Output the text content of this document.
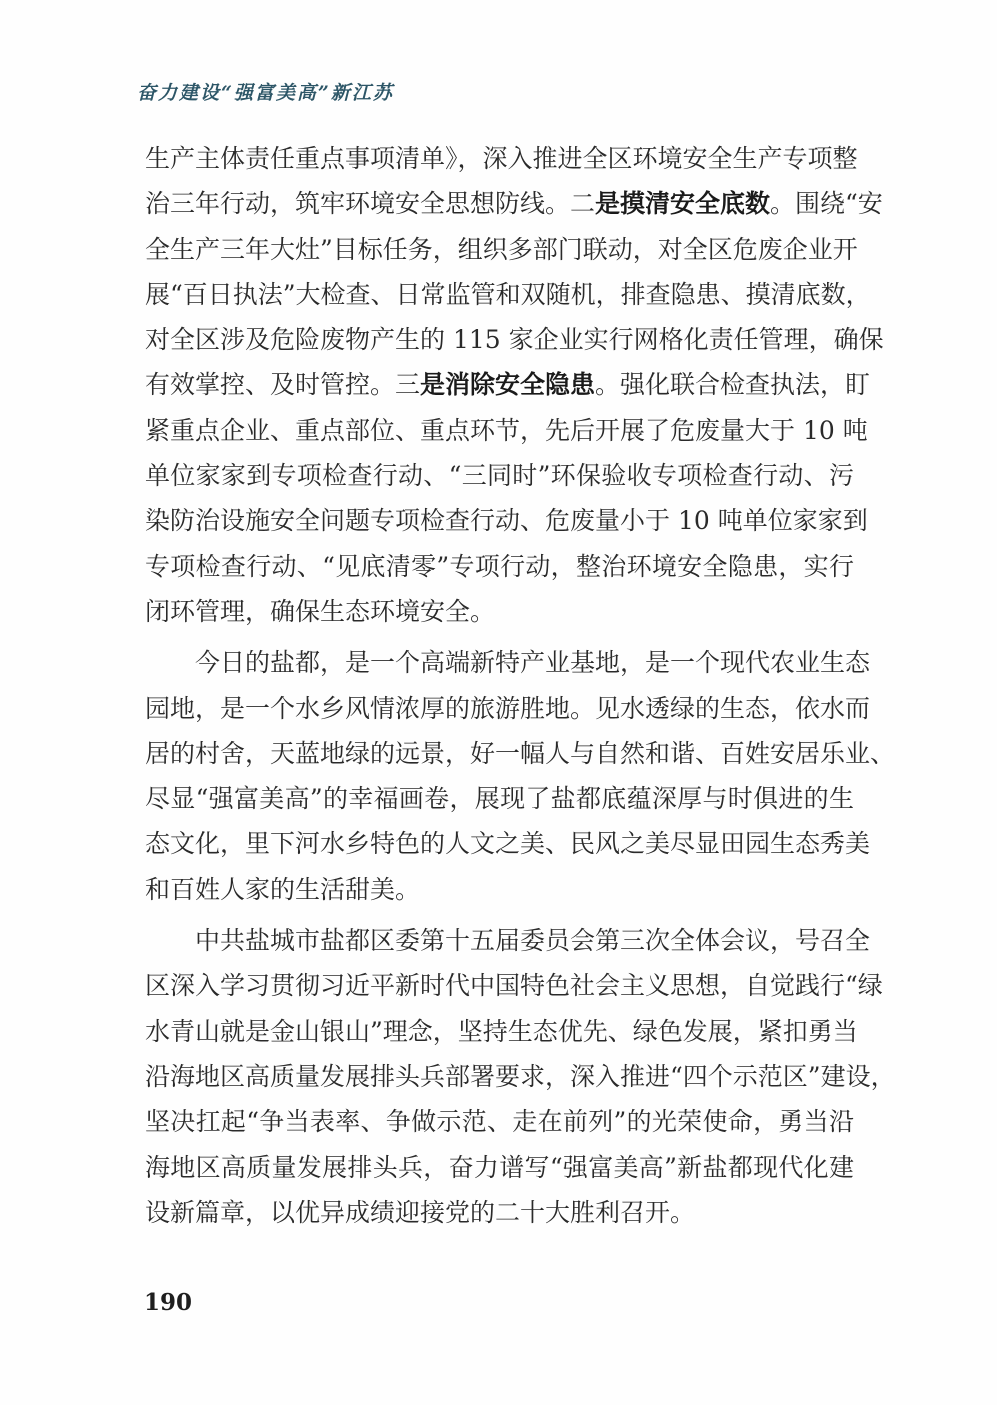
奋力建设“强富美高”新江苏

生产主体责任重点事项清单》，深入推进全区环境安全生产专项整
治三年行动，筑牢环境安全思想防线。二是摸清安全底数。围绕“安
全生产三年大灶”目标任务，组织多部门联动，对全区危废企业开
展“百日执法”大检查、日常监管和双随机，排查隐患、摸清底数，
对全区涉及危险废物产生的 115 家企业实行网格化责任管理，确保
有效掌控、及时管控。三是消除安全隐患。强化联合检查执法，盯
紧重点企业、重点部位、重点环节，先后开展了危废量大于 10 吨
单位家家到专项检查行动、“三同时”环保验收专项检查行动、污
染防治设施安全问题专项检查行动、危废量小于 10 吨单位家家到
专项检查行动、“见底清零”专项行动，整治环境安全隐患，实行
闭环管理，确保生态环境安全。

今日的盐都，是一个高端新特产业基地，是一个现代农业生态
园地，是一个水乡风情浓厚的旅游胜地。见水透绿的生态，依水而
居的村舍，天蓝地绿的远景，好一幅人与自然和谐、百姓安居乐业、
尽显“强富美高”的幸福画卷，展现了盐都底蕴深厚与时俱进的生
态文化，里下河水乡特色的人文之美、民风之美尽显田园生态秀美
和百姓人家的生活甜美。

中共盐城市盐都区委第十五届委员会第三次全体会议，号召全
区深入学习贯彻习近平新时代中国特色社会主义思想，自觉践行“绿
水青山就是金山银山”理念，坚持生态优先、绿色发展，紧扣勇当
沿海地区高质量发展排头兵部署要求，深入推进“四个示范区”建设，
坚决扛起“争当表率、争做示范、走在前列”的光荣使命，勇当沿
海地区高质量发展排头兵，奋力谱写“强富美高”新盐都现代化建
设新篇章，以优异成绩迎接党的二十大胜利召开。

190
